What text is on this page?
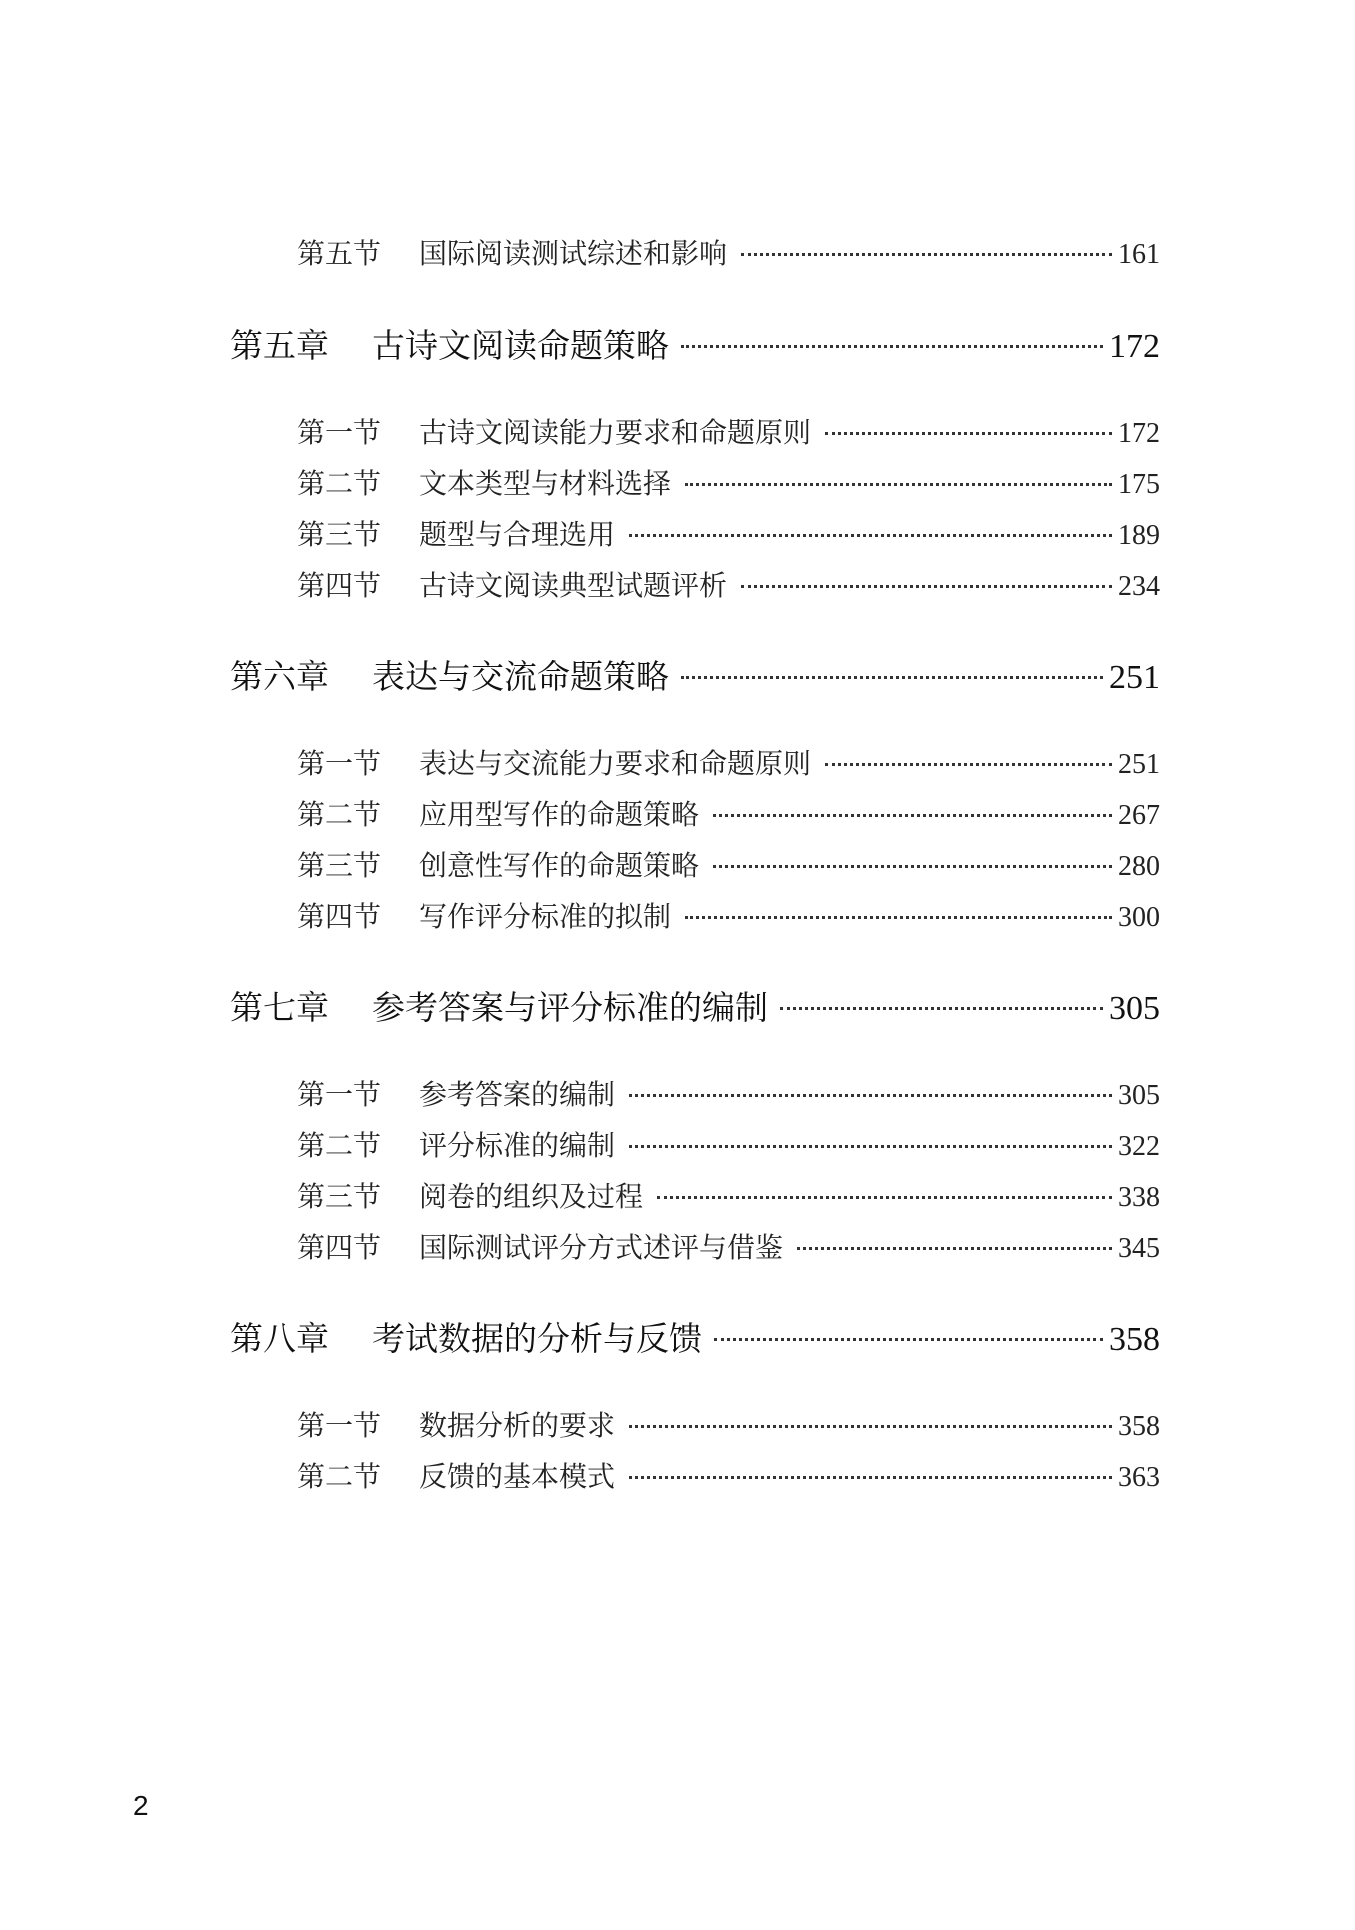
第五节	国际阅读测试综述和影响	161
第五章	古诗文阅读命题策略	172
第一节	古诗文阅读能力要求和命题原则	172
第二节	文本类型与材料选择	175
第三节	题型与合理选用	189
第四节	古诗文阅读典型试题评析	234
第六章	表达与交流命题策略	251
第一节	表达与交流能力要求和命题原则	251
第二节	应用型写作的命题策略	267
第三节	创意性写作的命题策略	280
第四节	写作评分标准的拟制	300
第七章	参考答案与评分标准的编制	305
第一节	参考答案的编制	305
第二节	评分标准的编制	322
第三节	阅卷的组织及过程	338
第四节	国际测试评分方式述评与借鉴	345
第八章	考试数据的分析与反馈	358
第一节	数据分析的要求	358
第二节	反馈的基本模式	363
2
